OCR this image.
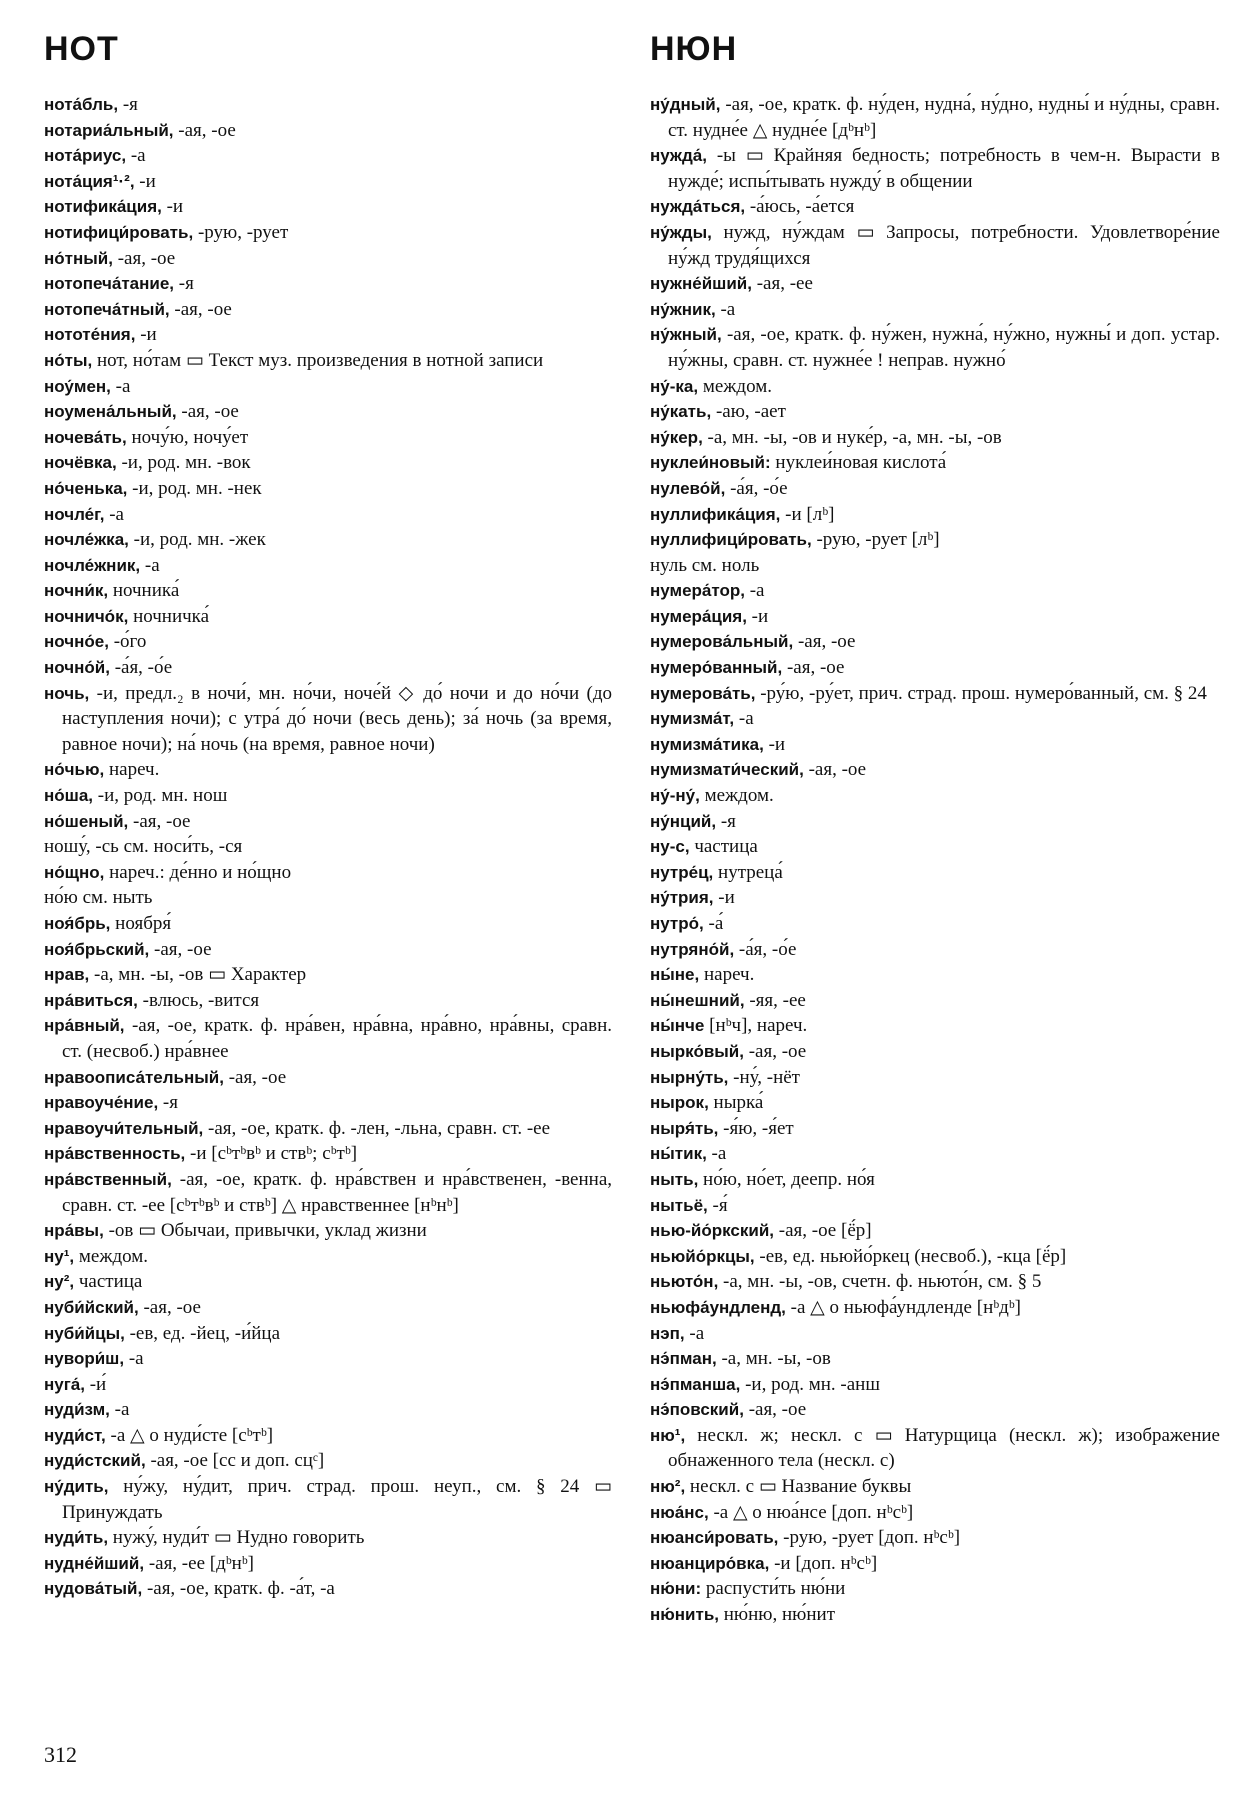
НОТ	НЮН

нота́бль, -я

нотариа́льный, -ая, -ое

нота́риус, -а

нота́ция¹·², -и

нотифика́ция, -и

нотифици́ровать, -рую, -рует

но́тный, -ая, -ое

нотопеча́тание, -я

нотопеча́тный, -ая, -ое

нототе́ния, -и

но́ты, нот, но́там ▭ Текст муз. произведения в нотной записи

ноу́мен, -а

ноумена́льный, -ая, -ое

ночева́ть, ночу́ю, ночу́ет

ночёвка, -и, род. мн. -вок

но́ченька, -и, род. мн. -нек

ночле́г, -а

ночле́жка, -и, род. мн. -жек

ночле́жник, -а

ночни́к, ночника́

ночничо́к, ночничка́

ночно́е, -о́го

ночно́й, -а́я, -о́е

ночь, -и, предл.₂ в ночи́, мн. но́чи, ноче́й ◇ до́ ночи и до но́чи (до наступления ночи); с утра́ до́ ночи (весь день); за́ ночь (за время, равное ночи); на́ ночь (на время, равное ночи)

но́чью, нареч.

но́ша, -и, род. мн. нош

но́шеный, -ая, -ое

ношу́, -сь см. носи́ть, -ся

но́щно, нареч.: де́нно и но́щно

но́ю см. ныть

ноя́брь, ноября́

ноя́брьский, -ая, -ое

нрав, -а, мн. -ы, -ов ▭ Характер

нра́виться, -влюсь, -вится

нра́вный, -ая, -ое, кратк. ф. нра́вен, нра́вна, нра́вно, нра́вны, сравн. ст. (несвоб.) нра́внее

нравоописа́тельный, -ая, -ое

нравоуче́ние, -я

нравоучи́тельный, -ая, -ое, кратк. ф. -лен, -льна, сравн. ст. -ее

нра́вственность, -и [сᵇтᵇвᵇ и ствᵇ; сᵇтᵇ]

нра́вственный, -ая, -ое, кратк. ф. нра́вствен и нра́вственен, -венна, сравн. ст. -ее [сᵇтᵇвᵇ и ствᵇ] △ нравственнее [нᵇнᵇ]

нра́вы, -ов ▭ Обычаи, привычки, уклад жизни

ну¹, междом.

ну², частица

нуби́йский, -ая, -ое

нуби́йцы, -ев, ед. -йец, -и́йца

нувори́ш, -а

нуга́, -и́

нуди́зм, -а

нуди́ст, -а △ о нуди́сте [сᵇтᵇ]

нуди́стский, -ая, -ое [сс и доп. сцᶜ]

ну́дить, ну́жу, ну́дит, прич. страд. прош. неуп., см. § 24 ▭ Принуждать

нуди́ть, нужу́, нуди́т ▭ Нудно говорить

нудне́йший, -ая, -ее [дᵇнᵇ]

нудова́тый, -ая, -ое, кратк. ф. -а́т, -а

ну́дный, -ая, -ое, кратк. ф. ну́ден, нудна́, ну́дно, нудны́ и ну́дны, сравн. ст. нудне́е △ нудне́е [дᵇнᵇ]

нужда́, -ы ▭ Крайняя бедность; потребность в чем-н. Вырасти в нужде́; испы́тывать нужду́ в общении

нужда́ться, -а́юсь, -а́ется

ну́жды, нужд, ну́ждам ▭ Запросы, потребности. Удовлетворе́ние ну́жд трудя́щихся

нужне́йший, -ая, -ее

ну́жник, -а

ну́жный, -ая, -ое, кратк. ф. ну́жен, нужна́, ну́жно, нужны́ и доп. устар. ну́жны, сравн. ст. нужне́е ! неправ. нужно́

ну́-ка, междом.

ну́кать, -аю, -ает

ну́кер, -а, мн. -ы, -ов и нуке́р, -а, мн. -ы, -ов

нуклеи́новый: нуклеи́новая кислота́

нулево́й, -а́я, -о́е

нуллифика́ция, -и [лᵇ]

нуллифици́ровать, -рую, -рует [лᵇ]

нуль см. ноль

нумера́тор, -а

нумера́ция, -и

нумерова́льный, -ая, -ое

нумеро́ванный, -ая, -ое

нумерова́ть, -ру́ю, -ру́ет, прич. страд. прош. нумеро́ванный, см. § 24

нумизма́т, -а

нумизма́тика, -и

нумизмати́ческий, -ая, -ое

ну́-ну́, междом.

ну́нций, -я

ну-с, частица

нутре́ц, нутреца́

ну́трия, -и

нутро́, -а́

нутряно́й, -а́я, -о́е

ны́не, нареч.

ны́нешний, -яя, -ее

ны́нче [нᵇч], нареч.

нырко́вый, -ая, -ое

нырну́ть, -ну́, -нёт

нырок, нырка́

ныря́ть, -я́ю, -я́ет

ны́тик, -а

ныть, но́ю, но́ет, деепр. но́я

нытьё, -я́

нью-йо́ркский, -ая, -ое [ё́р]

ньюйо́ркцы, -ев, ед. ньюйо́ркец (несвоб.), -кца [ё́р]

ньюто́н, -а, мн. -ы, -ов, счетн. ф. ньюто́н, см. § 5

ньюфа́ундленд, -а △ о ньюфа́ундленде [нᵇдᵇ]

нэп, -а

нэ́пман, -а, мн. -ы, -ов

нэ́пманша, -и, род. мн. -анш

нэ́повский, -ая, -ое

ню¹, нескл. ж; нескл. с ▭ Натурщица (нескл. ж); изображение обнаженного тела (нескл. с)

ню², нескл. с ▭ Название буквы

нюа́нс, -а △ о нюа́нсе [доп. нᵇсᵇ]

нюанси́ровать, -рую, -рует [доп. нᵇсᵇ]

нюанциро́вка, -и [доп. нᵇсᵇ]

ню́ни: распусти́ть ню́ни

ню́нить, ню́ню, ню́нит

312
